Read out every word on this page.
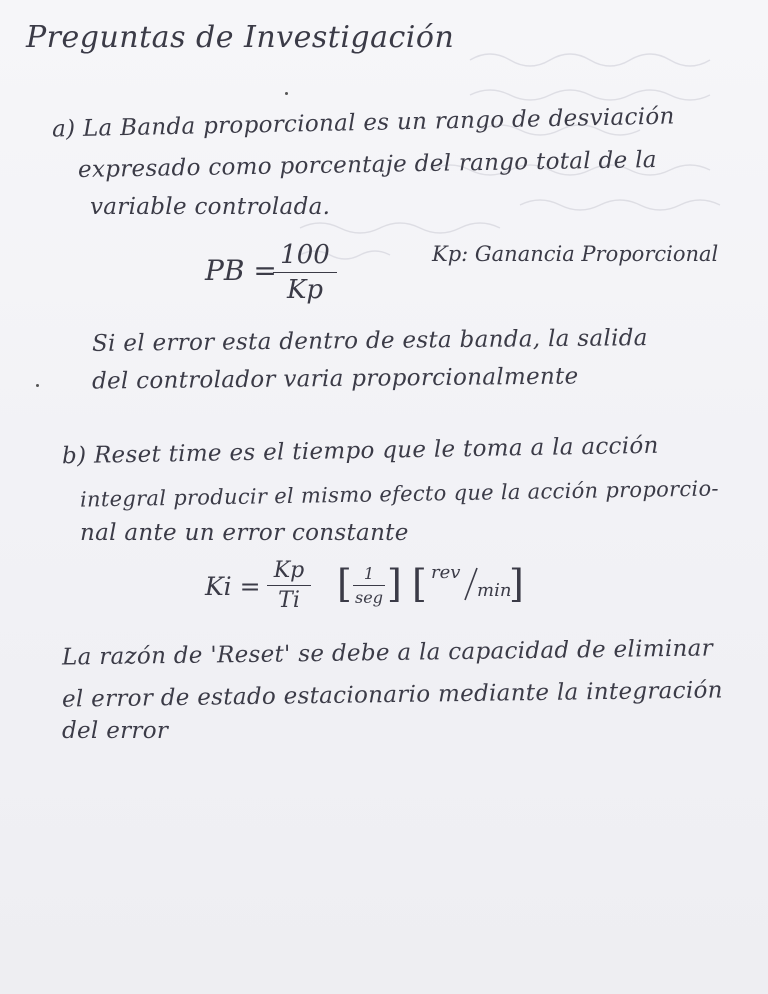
Preguntas de Investigación
a) La Banda proporcional es un rango de desviación
expresado como porcentaje del rango total de la
variable controlada.
PB = 100
Kp
Kp: Ganancia Proporcional
Si el error esta dentro de esta banda, la salida
del controlador varia proporcionalmente
b) Reset time es el tiempo que le toma a la acción
integral producir el mismo efecto que la acción proporcio-
nal ante un error constante
Ki =
Kp
Ti [ 1
seg ] [ rev
min
]
La razón de 'Reset' se debe a la capacidad de eliminar
el error de estado estacionario mediante la integración
del error
